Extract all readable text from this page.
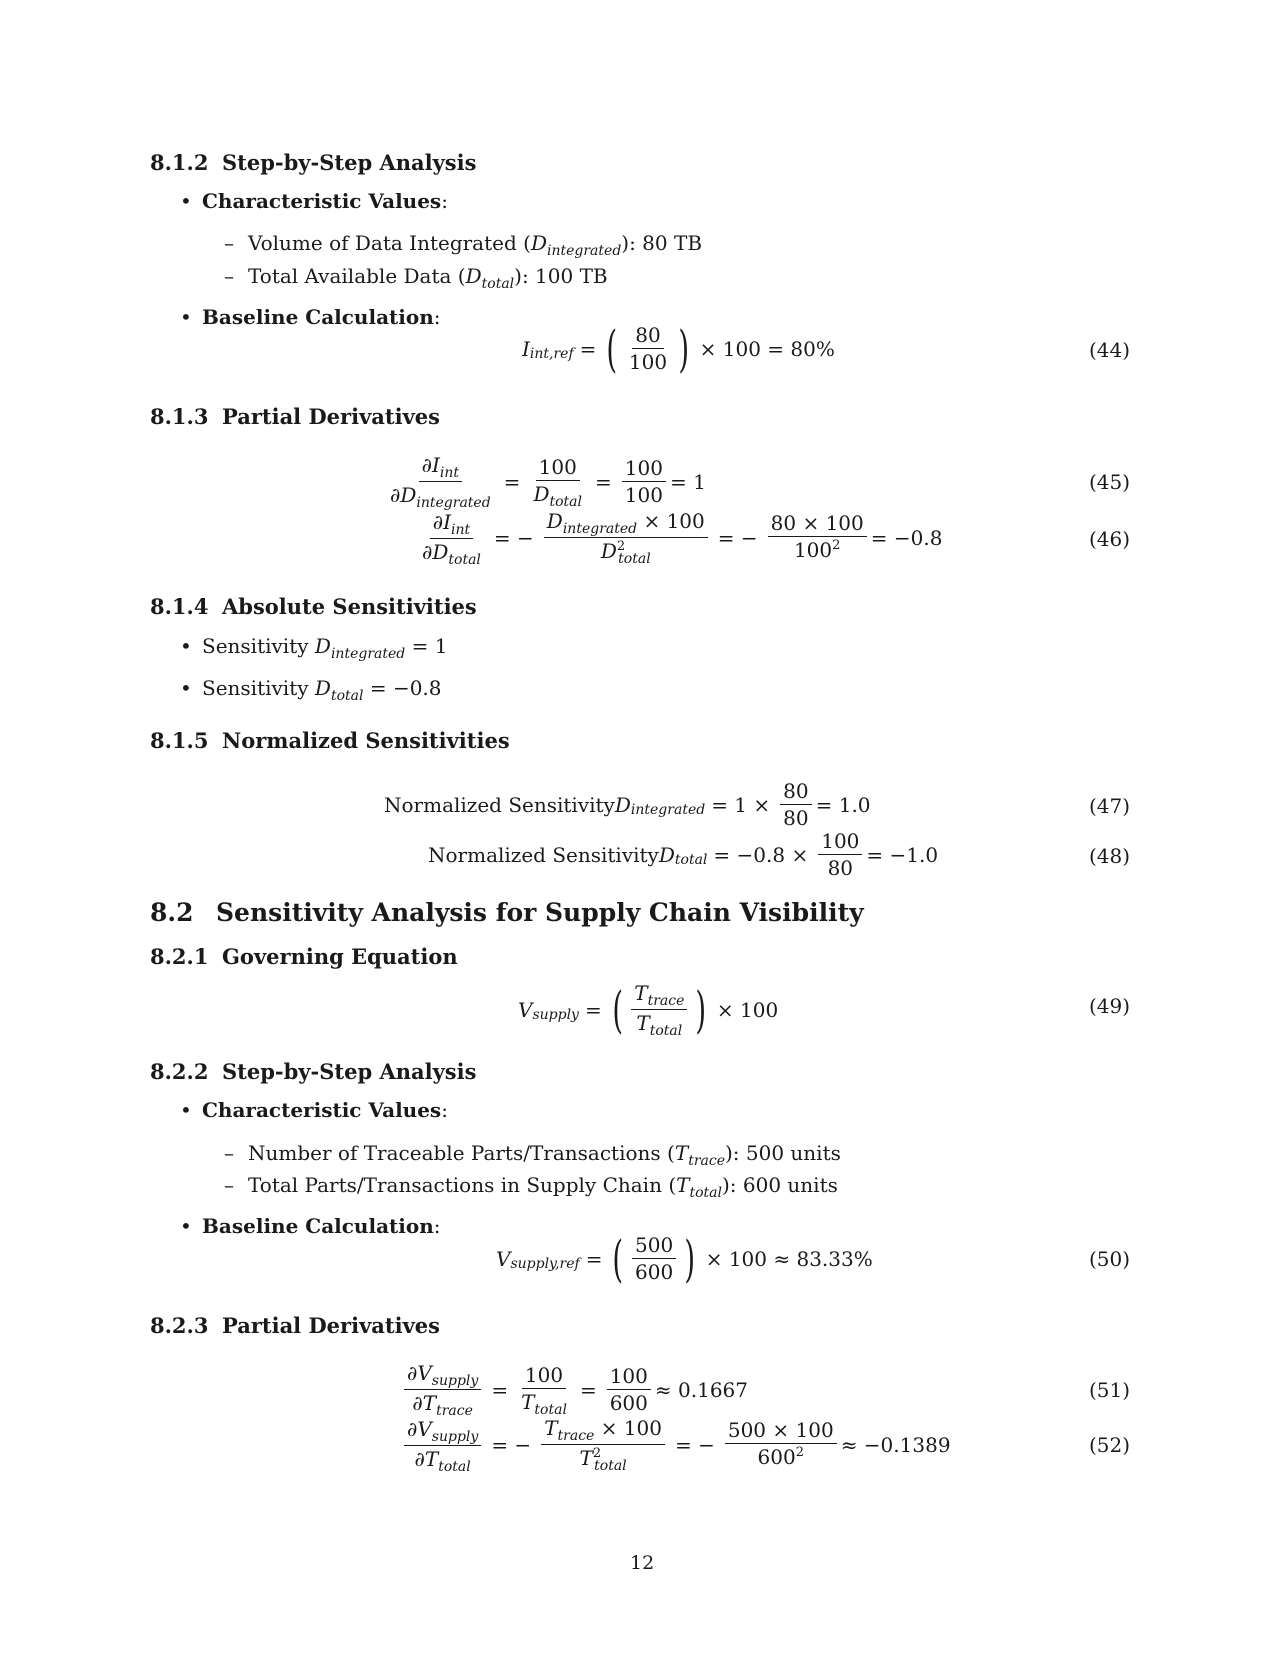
8.1.2 Step-by-Step Analysis
• Characteristic Values:
– Volume of Data Integrated $(D_{integrated})$: 80 TB
– Total Available Data $(D_{total})$: 100 TB
• Baseline Calculation:
I int,ref = ( $\frac{80}{100}$ ) × 100 = 80%	(44)
8.1.3 Partial Derivatives
$\frac{\partial I_{int}}{\partial D_{integrated}} = \frac{100}{D_{total}} = \frac{100}{100} = 1$	(45)
$\frac{\partial I_{int}}{\partial D_{total}}$ = − $\frac{D_{integrated} \times 100}{D^2_{total}}$ = − $\frac{80 \times 100}{100^2} = -0.8$	(46)
8.1.4 Absolute Sensitivities
• Sensitivity $D_{integrated} = 1$
• Sensitivity $D_{total} = -0.8$
8.1.5 Normalized Sensitivities
Normalized Sensitivity D integrated = $1 \times \frac{80}{80} = 1.0$	(47)
Normalized Sensitivity D total = $-0.8 \times \frac{100}{80} = -1.0$	(48)
8.2 Sensitivity Analysis for Supply Chain Visibility
8.2.1 Governing Equation
V supply = ( $\frac{T_{trace}}{T_{total}}$ ) × 100	(49)
8.2.2 Step-by-Step Analysis
• Characteristic Values:
– Number of Traceable Parts/Transactions $(T_{trace})$: 500 units
– Total Parts/Transactions in Supply Chain $(T_{total})$: 600 units
• Baseline Calculation:
V supply,ref = ( $\frac{500}{600}$ ) × 100 ≈ 83.33%	(50)
8.2.3 Partial Derivatives
$\frac{\partial V_{supply}}{\partial T_{trace}} = \frac{100}{T_{total}} = \frac{100}{600} \approx 0.1667$	(51)
$\frac{\partial V_{supply}}{\partial T_{total}}$ = − $\frac{T_{trace} \times 100}{T^2_{total}}$ = − $\frac{500 \times 100}{600^2} \approx -0.1389$	(52)
12
